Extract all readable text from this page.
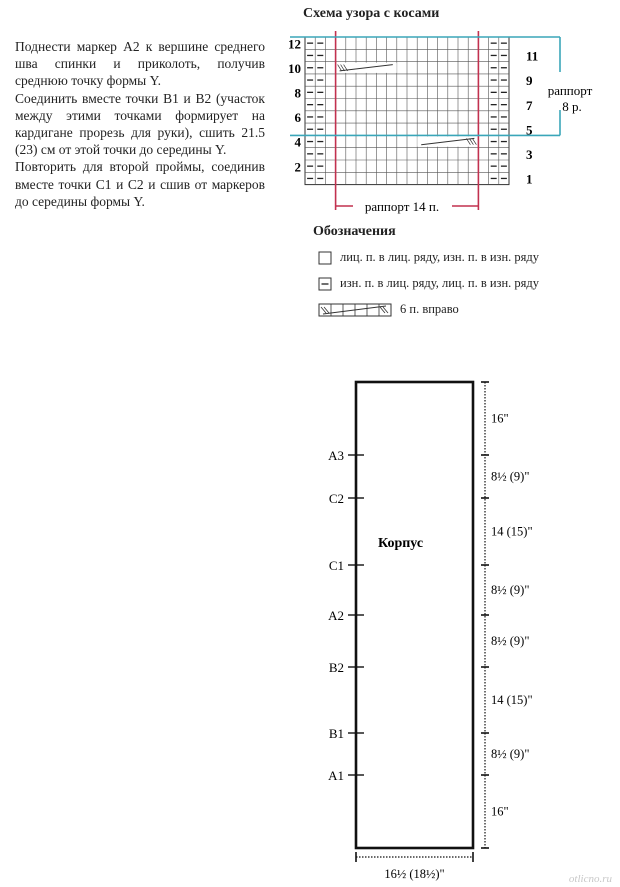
Поднести маркер А2 к вершине среднего шва спинки и приколоть, получив среднюю точку формы Y.

Соединить вместе точки В1 и В2 (участок между этими точками формирует на кардигане прорезь для руки), сшить 21.5 (23) см от этой точки до середины Y.

Повторить для второй проймы, соединив вместе точки С1 и С2 и сшив от маркеров до середины формы Y.

Схема узора с косами
12
10
8
6
4
2
11
9
7
5
3
1
раппорт
8 р.
раппорт 14 п.
Обозначения
лиц. п. в лиц. ряду, изн. п. в изн. ряду
изн. п. в лиц. ряду, лиц. п. в изн. ряду
6 п. вправо
Корпус
А3
С2
С1
А2
В2
В1
А1
16"
8½ (9)"
14 (15)"
8½ (9)"
8½ (9)"
14 (15)"
8½ (9)"
16"
16½ (18½)"	otlicno.ru
